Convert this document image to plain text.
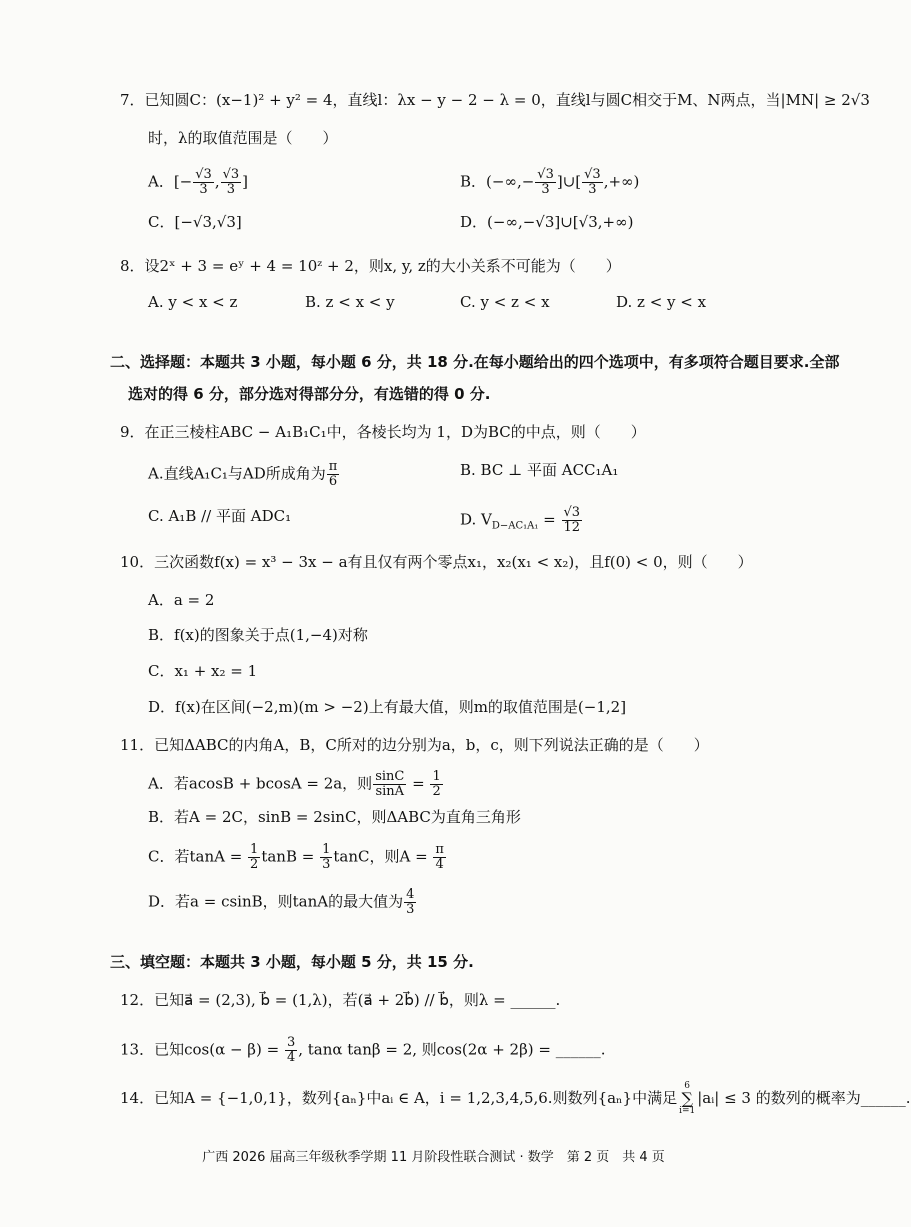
7．已知圆C：(x−1)² + y² = 4，直线l：λx − y − 2 − λ = 0，直线l与圆C相交于M、N两点，当|MN| ≥ 2√3
时，λ的取值范围是（　　）
A．[− $\frac{√3}{3}$ , $\frac{√3}{3}$ ]	B．(−∞,− $\frac{√3}{3}$ ]∪[ $\frac{√3}{3}$ ,+∞)
C．[−√3,√3]	D．(−∞,−√3]∪[√3,+∞)
8．设2ˣ + 3 = eʸ + 4 = 10ᶻ + 2，则x, y, z的大小关系不可能为（　　）
A. y < x < z	B. z < x < y	C. y < z < x	D. z < y < x
二、选择题：本题共 3 小题，每小题 6 分，共 18 分.在每小题给出的四个选项中，有多项符合题目要求.全部
选对的得 6 分，部分选对得部分分，有选错的得 0 分.
9．在正三棱柱ABC − A₁B₁C₁中，各棱长均为 1，D为BC的中点，则（　　）
A.直线A₁C₁与AD所成角为 $\frac{\pi}{6}$	B. BC ⊥ 平面 ACC₁A₁
C. A₁B // 平面 ADC₁	D. $V_{D-AC_1A_1} = \frac{√3}{12}$
10．三次函数f(x) = x³ − 3x − a有且仅有两个零点x₁，x₂(x₁ < x₂)，且f(0) < 0，则（　　）
A．a = 2
B．f(x)的图象关于点(1,−4)对称
C．x₁ + x₂ = 1
D．f(x)在区间(−2,m)(m > −2)上有最大值，则m的取值范围是(−1,2]
11．已知ΔABC的内角A，B，C所对的边分别为a，b，c，则下列说法正确的是（　　）
A．若acosB + bcosA = 2a，则 $\frac{\sin C}{\sin A} = \frac{1}{2}$
B．若A = 2C，sinB = 2sinC，则ΔABC为直角三角形
C．若$\tan A = \frac{1}{2}$ $\tan B = \frac{1}{3}$ tanC，则$A = \frac{\pi}{4}$
D．若a = csinB，则tanA的最大值为 $\frac{4}{3}$
三、填空题：本题共 3 小题，每小题 5 分，共 15 分.
12．已知a⃗ = (2,3), b⃗ = (1,λ)，若(a⃗ + 2b⃗) // b⃗，则λ = ______.
13．已知$\cos(\alpha - \beta) = \frac{3}{4}$ , tanα tanβ = 2, 则cos(2α + 2β) = ______.
14．已知A = {−1,0,1}，数列{aₙ}中aᵢ ∈ A，i = 1,2,3,4,5,6.则数列{aₙ}中满足
6
∑
i=1
|aᵢ| ≤ 3 的数列的概率为______.
广西 2026 届高三年级秋季学期 11 月阶段性联合测试 · 数学　第 2 页　共 4 页
